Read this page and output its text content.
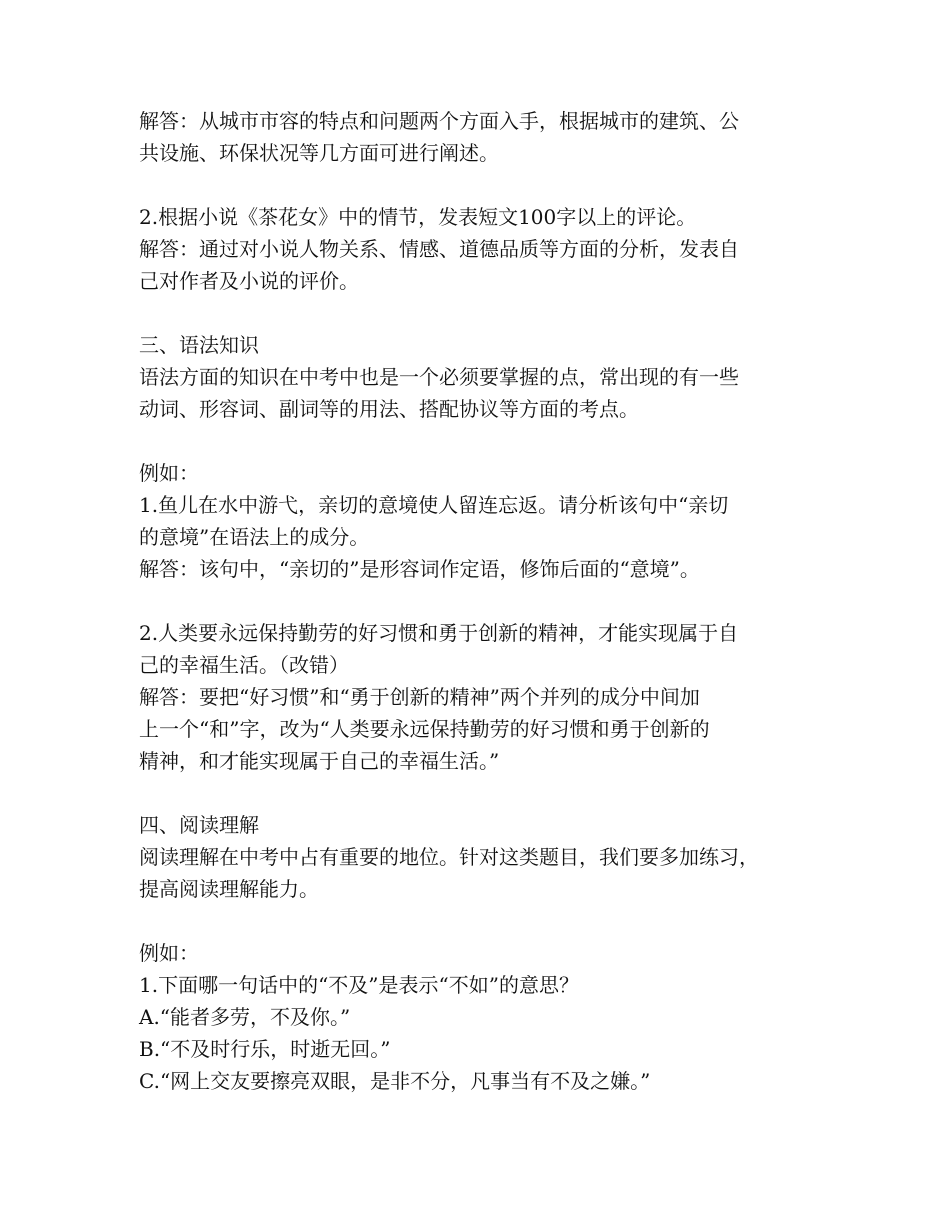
解答：从城市市容的特点和问题两个方面入手，根据城市的建筑、公
共设施、环保状况等几方面可进行阐述。
2.根据小说《茶花女》中的情节，发表短文100字以上的评论。
解答：通过对小说人物关系、情感、道德品质等方面的分析，发表自
己对作者及小说的评价。
三、语法知识
语法方面的知识在中考中也是一个必须要掌握的点，常出现的有一些
动词、形容词、副词等的用法、搭配协议等方面的考点。
例如：
1.鱼儿在水中游弋，亲切的意境使人留连忘返。请分析该句中“亲切
的意境”在语法上的成分。
解答：该句中，“亲切的”是形容词作定语，修饰后面的“意境”。
2.人类要永远保持勤劳的好习惯和勇于创新的精神，才能实现属于自
己的幸福生活。（改错）
解答：要把“好习惯”和“勇于创新的精神”两个并列的成分中间加
上一个“和”字，改为“人类要永远保持勤劳的好习惯和勇于创新的
精神，和才能实现属于自己的幸福生活。”
四、阅读理解
阅读理解在中考中占有重要的地位。针对这类题目，我们要多加练习，
提高阅读理解能力。
例如：
1.下面哪一句话中的“不及”是表示“不如”的意思？
A.“能者多劳，不及你。”
B.“不及时行乐，时逝无回。”
C.“网上交友要擦亮双眼，是非不分，凡事当有不及之嫌。”
